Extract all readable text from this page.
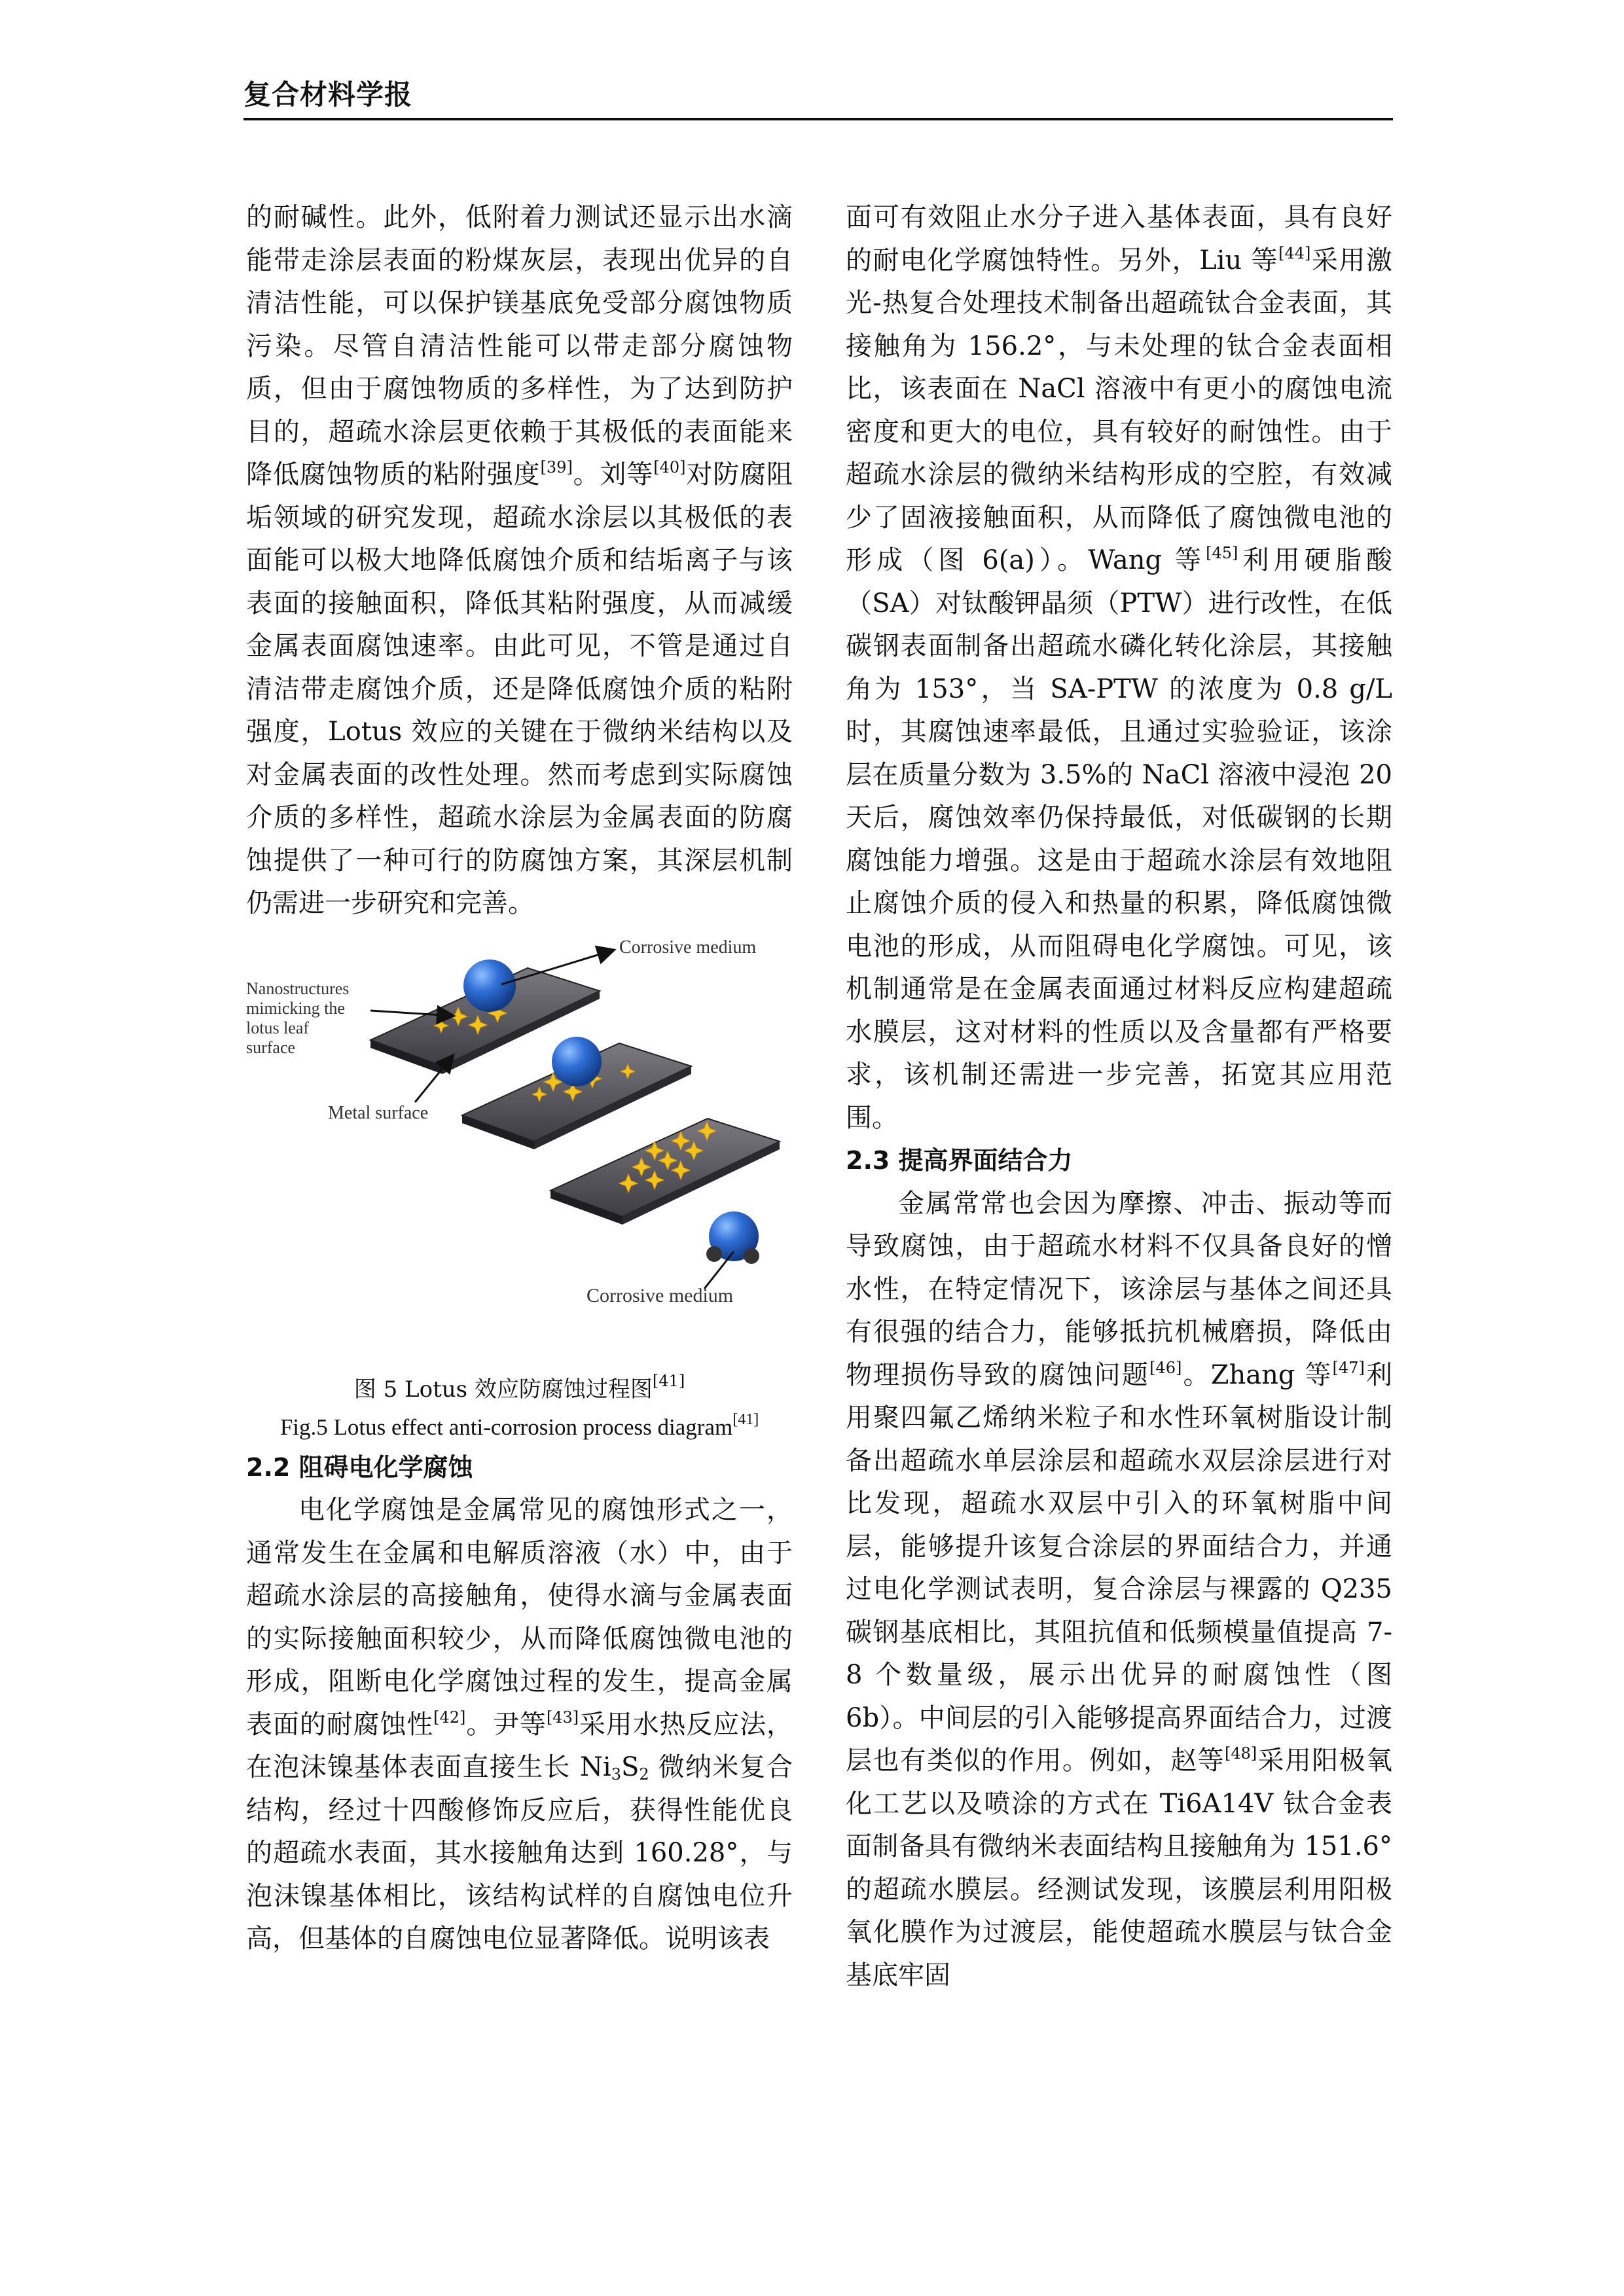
复合材料学报

的耐碱性。此外，低附着力测试还显示出水滴能带走涂层表面的粉煤灰层，表现出优异的自清洁性能，可以保护镁基底免受部分腐蚀物质污染。尽管自清洁性能可以带走部分腐蚀物质，但由于腐蚀物质的多样性，为了达到防护目的，超疏水涂层更依赖于其极低的表面能来降低腐蚀物质的粘附强度[39]。刘等[40]对防腐阻垢领域的研究发现，超疏水涂层以其极低的表面能可以极大地降低腐蚀介质和结垢离子与该表面的接触面积，降低其粘附强度，从而减缓金属表面腐蚀速率。由此可见，不管是通过自清洁带走腐蚀介质，还是降低腐蚀介质的粘附强度，Lotus 效应的关键在于微纳米结构以及对金属表面的改性处理。然而考虑到实际腐蚀介质的多样性，超疏水涂层为金属表面的防腐蚀提供了一种可行的防腐蚀方案，其深层机制仍需进一步研究和完善。

Corrosive medium
Nanostructures
mimicking the
lotus leaf
surface
Metal surface
Corrosive medium

图 5 Lotus 效应防腐蚀过程图[41]

Fig.5 Lotus effect anti-corrosion process diagram[41]

2.2 阻碍电化学腐蚀

电化学腐蚀是金属常见的腐蚀形式之一，通常发生在金属和电解质溶液（水）中，由于超疏水涂层的高接触角，使得水滴与金属表面的实际接触面积较少，从而降低腐蚀微电池的形成，阻断电化学腐蚀过程的发生，提高金属表面的耐腐蚀性[42]。尹等[43]采用水热反应法，在泡沫镍基体表面直接生长 $Ni_3S_2$ 微纳米复合结构，经过十四酸修饰反应后，获得性能优良的超疏水表面，其水接触角达到 160.28°，与泡沫镍基体相比，该结构试样的自腐蚀电位升高，但基体的自腐蚀电位显著降低。说明该表

面可有效阻止水分子进入基体表面，具有良好的耐电化学腐蚀特性。另外，Liu 等[44]采用激光-热复合处理技术制备出超疏钛合金表面，其接触角为 156.2°，与未处理的钛合金表面相比，该表面在 NaCl 溶液中有更小的腐蚀电流密度和更大的电位，具有较好的耐蚀性。由于超疏水涂层的微纳米结构形成的空腔，有效减少了固液接触面积，从而降低了腐蚀微电池的形成（图 6(a)）。Wang 等[45]利用硬脂酸（SA）对钛酸钾晶须（PTW）进行改性，在低碳钢表面制备出超疏水磷化转化涂层，其接触角为 153°，当 SA-PTW 的浓度为 0.8 g/L 时，其腐蚀速率最低，且通过实验验证，该涂层在质量分数为 3.5%的 NaCl 溶液中浸泡 20 天后，腐蚀效率仍保持最低，对低碳钢的长期腐蚀能力增强。这是由于超疏水涂层有效地阻止腐蚀介质的侵入和热量的积累，降低腐蚀微电池的形成，从而阻碍电化学腐蚀。可见，该机制通常是在金属表面通过材料反应构建超疏水膜层，这对材料的性质以及含量都有严格要求，该机制还需进一步完善，拓宽其应用范围。

2.3 提高界面结合力

金属常常也会因为摩擦、冲击、振动等而导致腐蚀，由于超疏水材料不仅具备良好的憎水性，在特定情况下，该涂层与基体之间还具有很强的结合力，能够抵抗机械磨损，降低由物理损伤导致的腐蚀问题[46]。Zhang 等[47]利用聚四氟乙烯纳米粒子和水性环氧树脂设计制备出超疏水单层涂层和超疏水双层涂层进行对比发现，超疏水双层中引入的环氧树脂中间层，能够提升该复合涂层的界面结合力，并通过电化学测试表明，复合涂层与裸露的 Q235 碳钢基底相比，其阻抗值和低频模量值提高 7-8 个数量级，展示出优异的耐腐蚀性（图 6b）。中间层的引入能够提高界面结合力，过渡层也有类似的作用。例如，赵等[48]采用阳极氧化工艺以及喷涂的方式在 Ti6A14V 钛合金表面制备具有微纳米表面结构且接触角为 151.6°的超疏水膜层。经测试发现，该膜层利用阳极氧化膜作为过渡层，能使超疏水膜层与钛合金基底牢固
